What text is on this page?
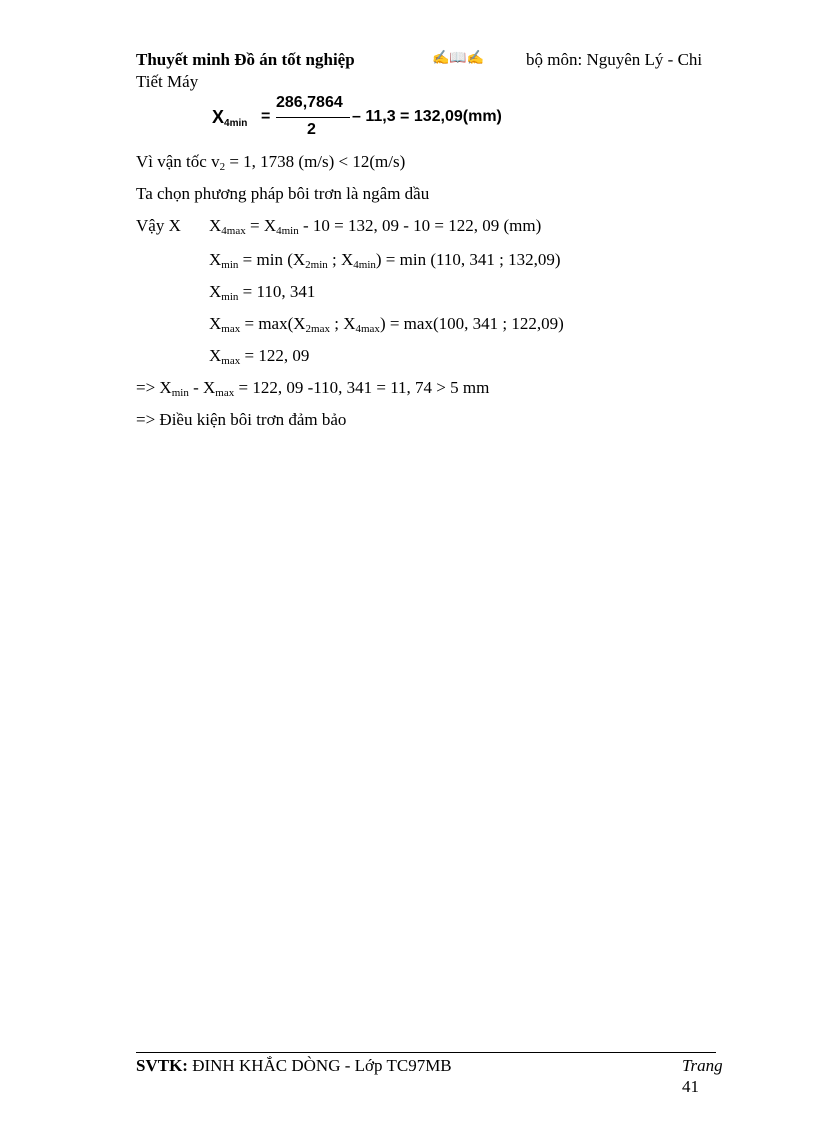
Thuyết minh Đồ án tốt nghiệp	✍📖✍ bộ môn: Nguyên Lý - Chi
Tiết Máy
$X_{4min}$ =
286,7864
2
– 11,3 = 132,09(mm)
Vì vận tốc $v_2 = 1$, 1738 (m/s) < 12(m/s)
Ta chọn phương pháp bôi trơn là ngâm dầu
Vậy X $X_{4max} = X_{4min} - 10 = 132$, 09 - 10 = 122, 09 (mm)
$X_{min} = \min (X_{2min}$ ; $X_{4min}) = \min (110$, 341 ; 132,09)
$X_{min} = 110$, 341
$X_{max} = \max(X_{2max}$ ; $X_{4max}) = \max(100$, 341 ; 122,09)
$X_{max} = 122$, 09
=> $X_{min} - X_{max} = 122$, 09 -110, 341 = 11, 74 > 5 mm
=> Điều kiện bôi trơn đảm bảo
SVTK: ĐINH KHẮC DÒNG - Lớp TC97MB	Trang
41
